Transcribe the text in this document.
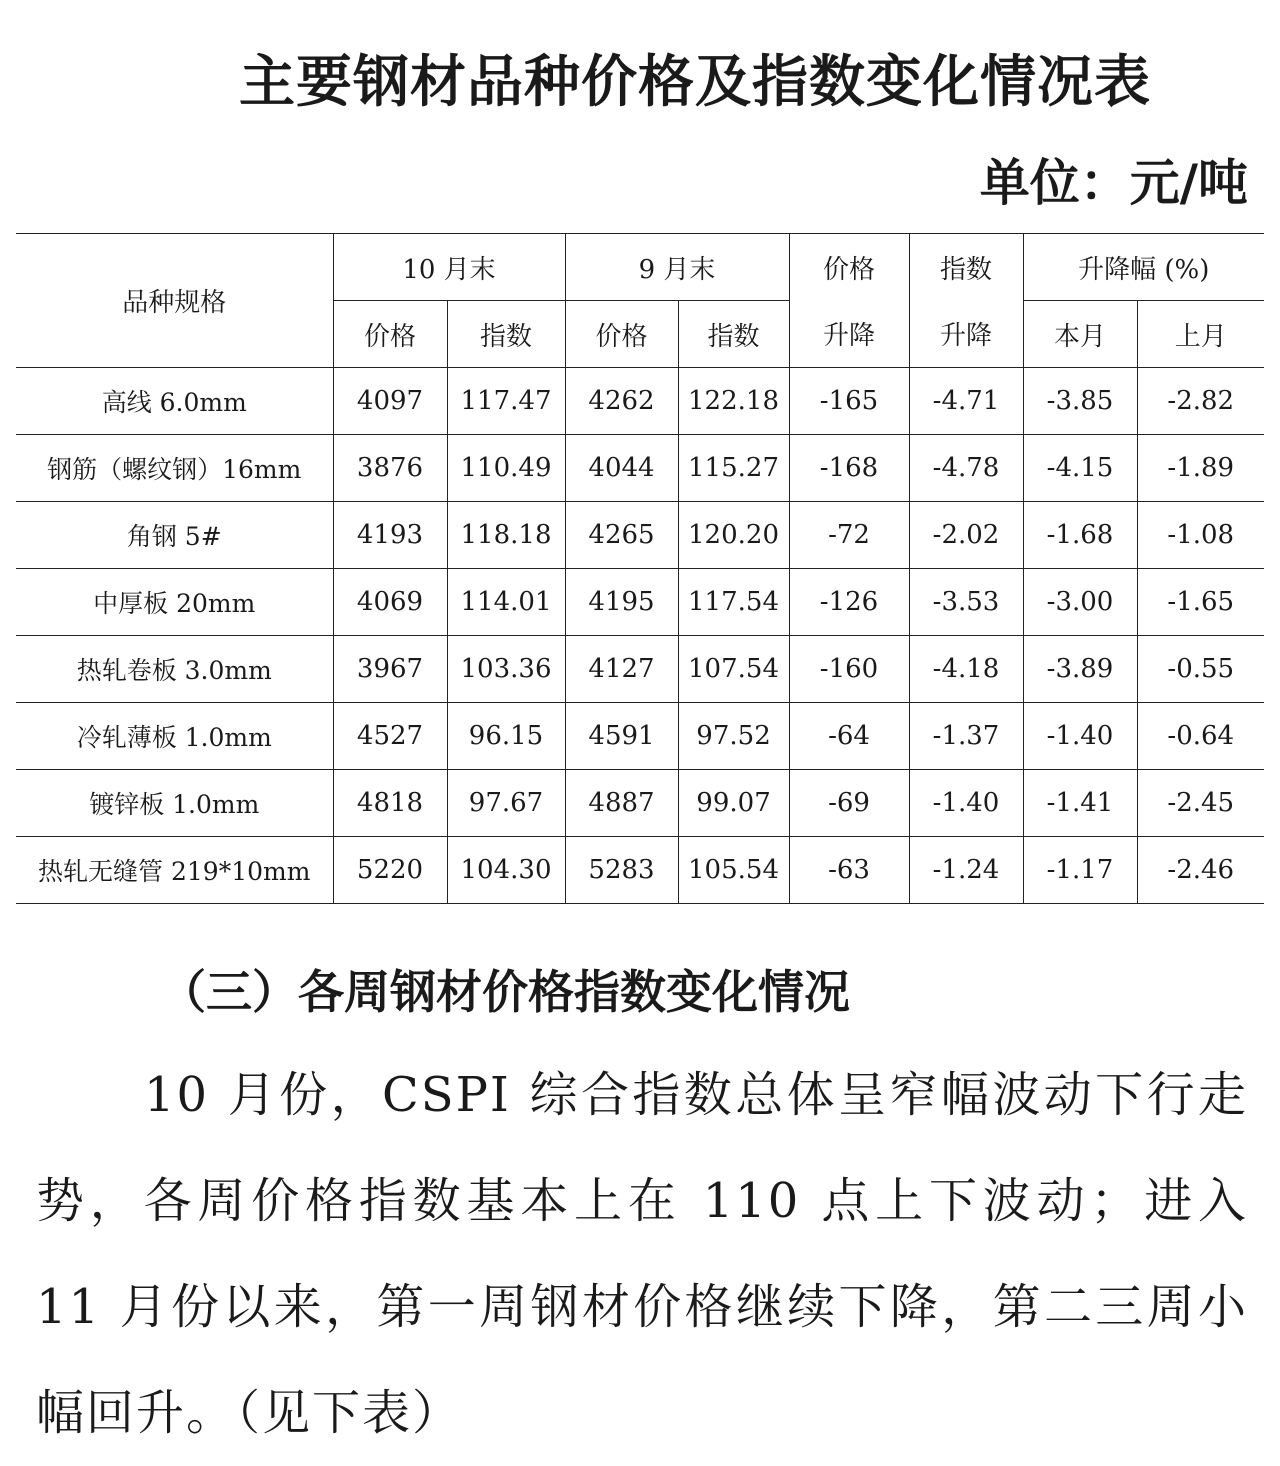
主要钢材品种价格及指数变化情况表
单位：元/吨
品种规格	10 月末		9 月末		价格	指数	升降幅 (%)	
	价格	指数	价格	指数	升降	升降	本月	上月
高线 6.0mm	4097	117.47	4262	122.18	-165	-4.71	-3.85	-2.82
钢筋（螺纹钢）16mm	3876	110.49	4044	115.27	-168	-4.78	-4.15	-1.89
角钢 5#	4193	118.18	4265	120.20	-72	-2.02	-1.68	-1.08
中厚板 20mm	4069	114.01	4195	117.54	-126	-3.53	-3.00	-1.65
热轧卷板 3.0mm	3967	103.36	4127	107.54	-160	-4.18	-3.89	-0.55
冷轧薄板 1.0mm	4527	96.15	4591	97.52	-64	-1.37	-1.40	-0.64
镀锌板 1.0mm	4818	97.67	4887	99.07	-69	-1.40	-1.41	-2.45
热轧无缝管 219*10mm	5220	104.30	5283	105.54	-63	-1.24	-1.17	-2.46
（三）各周钢材价格指数变化情况
10 月份，CSPI 综合指数总体呈窄幅波动下行走势，各周价格指数基本上在 110 点上下波动；进入 11 月份以来，第一周钢材价格继续下降，第二三周小幅回升。（见下表）
